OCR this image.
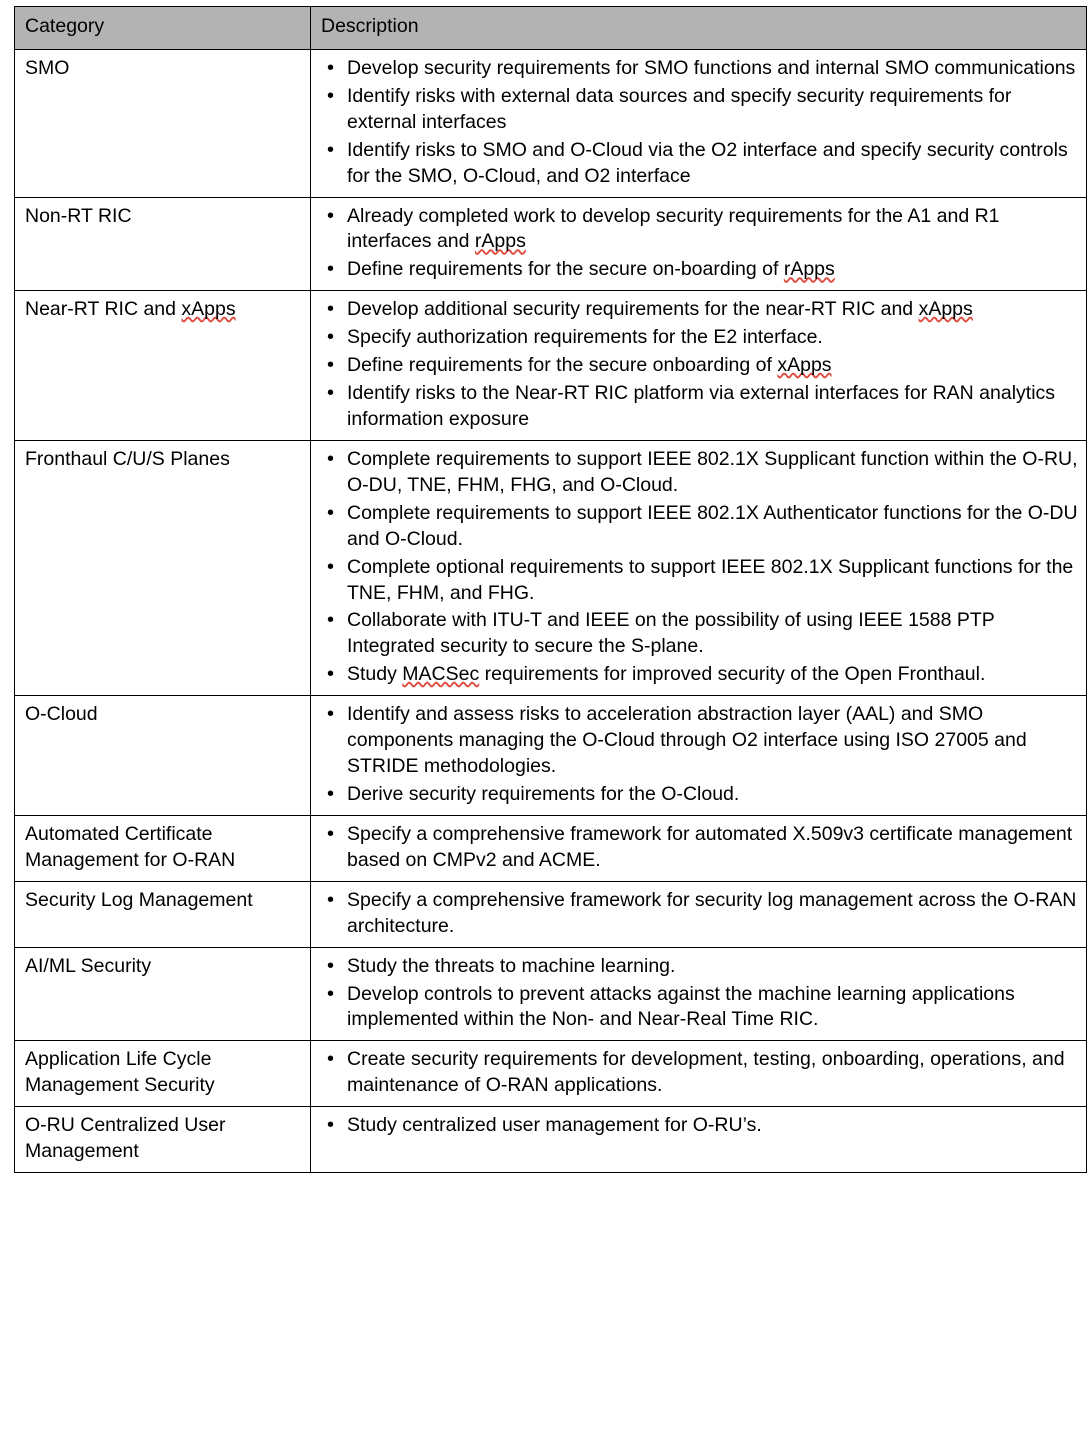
Category	Description
SMO	
•Develop security requirements for SMO functions and internal SMO communications
• Identify risks with external data sources and specify security requirements for external interfaces
• Identify risks to SMO and O-Cloud via the O2 interface and specify security controls for the SMO, O-Cloud, and O2 interface

Non-RT RIC	
•Already completed work to develop security requirements for the A1 and R1 interfaces and rApps
• Define requirements for the secure on-boarding of rApps

Near-RT RIC and xApps	
•Develop additional security requirements for the near-RT RIC and xApps
• Specify authorization requirements for the E2 interface.
• Define requirements for the secure onboarding of xApps
• Identify risks to the Near-RT RIC platform via external interfaces for RAN analytics information exposure

Fronthaul C/U/S Planes	
•Complete requirements to support IEEE 802.1X Supplicant function within the O-RU, O-DU, TNE, FHM, FHG, and O-Cloud.
• Complete requirements to support IEEE 802.1X Authenticator functions for the O-DU and O-Cloud.
• Complete optional requirements to support IEEE 802.1X Supplicant functions for the TNE, FHM, and FHG.
• Collaborate with ITU-T and IEEE on the possibility of using IEEE 1588 PTP Integrated security to secure the S-plane.
• Study MACSec requirements for improved security of the Open Fronthaul.

O-Cloud	
•Identify and assess risks to acceleration abstraction layer (AAL) and SMO components managing the O-Cloud through O2 interface using ISO 27005 and STRIDE methodologies.
• Derive security requirements for the O-Cloud.

Automated Certificate Management for O-RAN	
• Specify a comprehensive framework for automated X.509v3 certificate management based on CMPv2 and ACME.

Security Log Management	
•Specify a comprehensive framework for security log management across the O-RAN architecture.

AI/ML Security	
•Study the threats to machine learning.
• Develop controls to prevent attacks against the machine learning applications implemented within the Non- and Near-Real Time RIC.

Application Life Cycle Management Security	
• Create security requirements for development, testing, onboarding, operations, and maintenance of O-RAN applications.

O-RU Centralized User Management	
• Study centralized user management for O-RU’s.
